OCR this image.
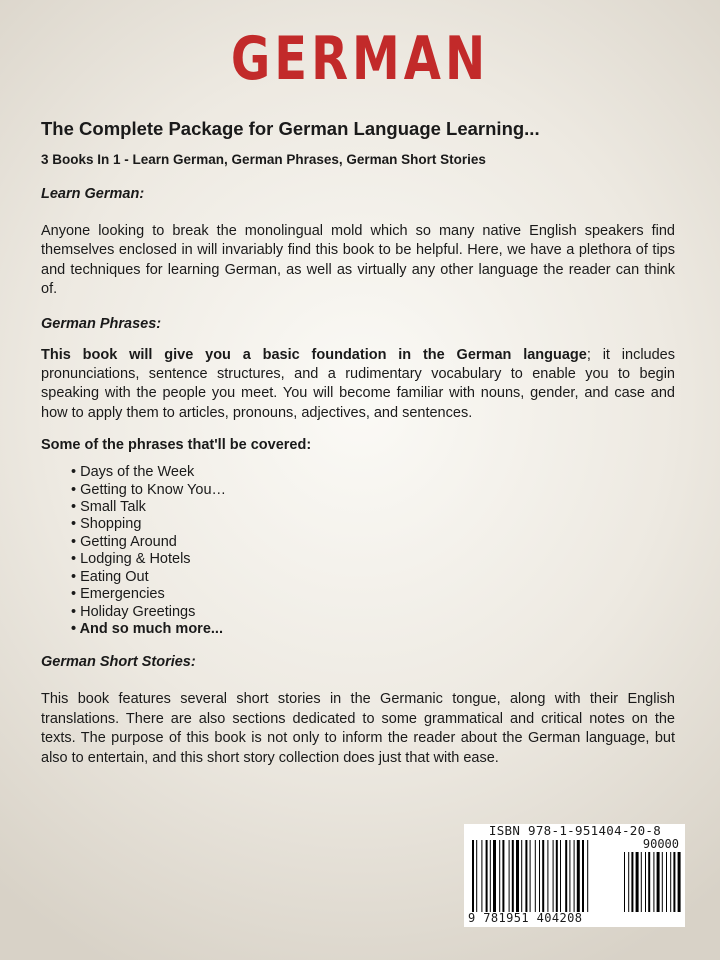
GERMAN

The Complete Package for German Language Learning...

3 Books In 1 - Learn German, German Phrases, German Short Stories

Learn German:

Anyone looking to break the monolingual mold which so many native English speakers find themselves enclosed in will invariably find this book to be helpful. Here, we have a plethora of tips and techniques for learning German, as well as virtually any other language the reader can think of.

German Phrases:

This book will give you a basic foundation in the German language; it includes pronunciations, sentence structures, and a rudimentary vocabulary to enable you to begin speaking with the people you meet. You will become familiar with nouns, gender, and case and how to apply them to articles, pronouns, adjectives, and sentences.

Some of the phrases that'll be covered:

• Days of the Week
• Getting to Know You…
• Small Talk
• Shopping
• Getting Around
• Lodging & Hotels
• Eating Out
• Emergencies
• Holiday Greetings
• And so much more...

German Short Stories:

This book features several short stories in the Germanic tongue, along with their English translations. There are also sections dedicated to some grammatical and critical notes on the texts. The purpose of this book is not only to inform the reader about the German language, but also to entertain, and this short story collection does just that with ease.

ISBN 978-1-951404-20-8
90000
9 781951 404208
